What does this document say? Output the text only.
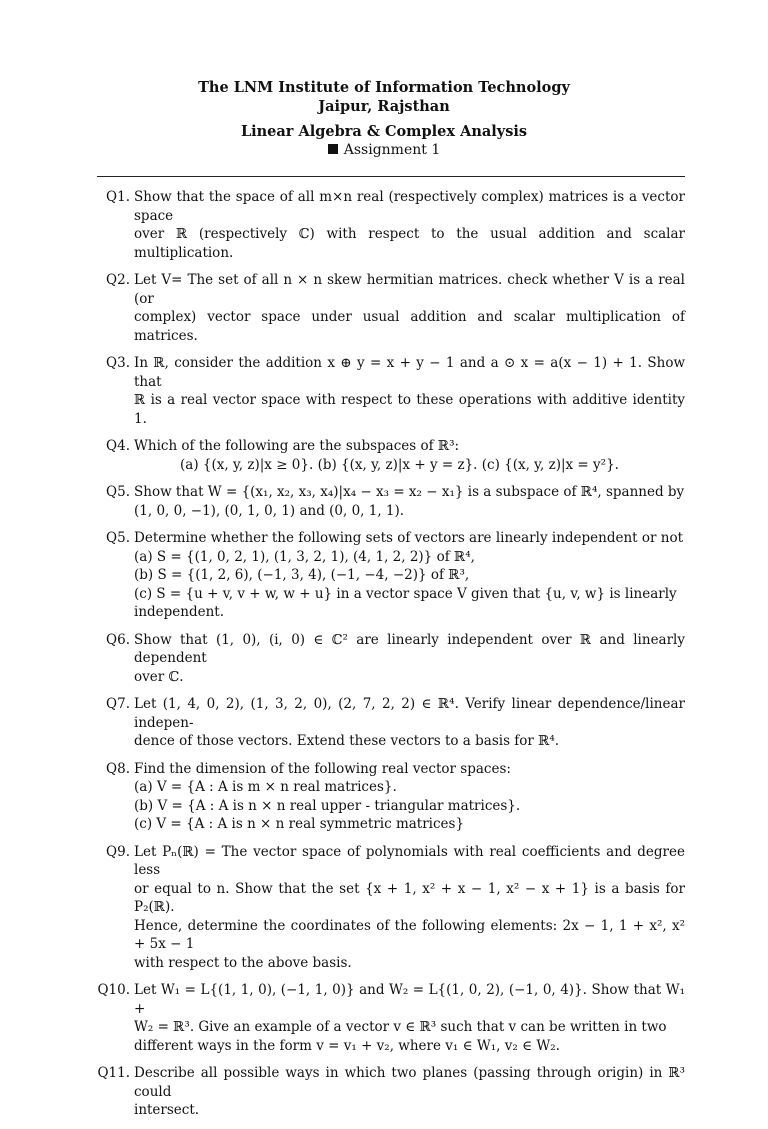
The LNM Institute of Information Technology
Jaipur, Rajsthan
Linear Algebra & Complex Analysis
Assignment 1
Q1. Show that the space of all m×n real (respectively complex) matrices is a vector space
over ℝ (respectively ℂ) with respect to the usual addition and scalar multiplication.
Q2. Let V= The set of all n × n skew hermitian matrices. check whether V is a real (or
complex) vector space under usual addition and scalar multiplication of matrices.
Q3. In ℝ, consider the addition x ⊕ y = x + y − 1 and a ⊙ x = a(x − 1) + 1. Show that
ℝ is a real vector space with respect to these operations with additive identity 1.
Q4. Which of the following are the subspaces of ℝ³:
(a) {(x, y, z)|x ≥ 0}. (b) {(x, y, z)|x + y = z}. (c) {(x, y, z)|x = y²}.
Q5. Show that W = {(x₁, x₂, x₃, x₄)|x₄ − x₃ = x₂ − x₁} is a subspace of ℝ⁴, spanned by
(1, 0, 0, −1), (0, 1, 0, 1) and (0, 0, 1, 1).
Q5. Determine whether the following sets of vectors are linearly independent or not
(a) S = {(1, 0, 2, 1), (1, 3, 2, 1), (4, 1, 2, 2)} of ℝ⁴,
(b) S = {(1, 2, 6), (−1, 3, 4), (−1, −4, −2)} of ℝ³,
(c) S = {u + v, v + w, w + u} in a vector space V given that {u, v, w} is linearly
independent.
Q6. Show that (1, 0), (i, 0) ∈ ℂ² are linearly independent over ℝ and linearly dependent
over ℂ.
Q7. Let (1, 4, 0, 2), (1, 3, 2, 0), (2, 7, 2, 2) ∈ ℝ⁴. Verify linear dependence/linear indepen-
dence of those vectors. Extend these vectors to a basis for ℝ⁴.
Q8. Find the dimension of the following real vector spaces:
(a) V = {A : A is m × n real matrices}.
(b) V = {A : A is n × n real upper - triangular matrices}.
(c) V = {A : A is n × n real symmetric matrices}
Q9. Let Pₙ(ℝ) = The vector space of polynomials with real coefficients and degree less
or equal to n. Show that the set {x + 1, x² + x − 1, x² − x + 1} is a basis for P₂(ℝ).
Hence, determine the coordinates of the following elements: 2x − 1, 1 + x², x² + 5x − 1
with respect to the above basis.
Q10. Let W₁ = L{(1, 1, 0), (−1, 1, 0)} and W₂ = L{(1, 0, 2), (−1, 0, 4)}. Show that W₁ +
W₂ = ℝ³. Give an example of a vector v ∈ ℝ³ such that v can be written in two
different ways in the form v = v₁ + v₂, where v₁ ∈ W₁, v₂ ∈ W₂.
Q11. Describe all possible ways in which two planes (passing through origin) in ℝ³ could
intersect.
